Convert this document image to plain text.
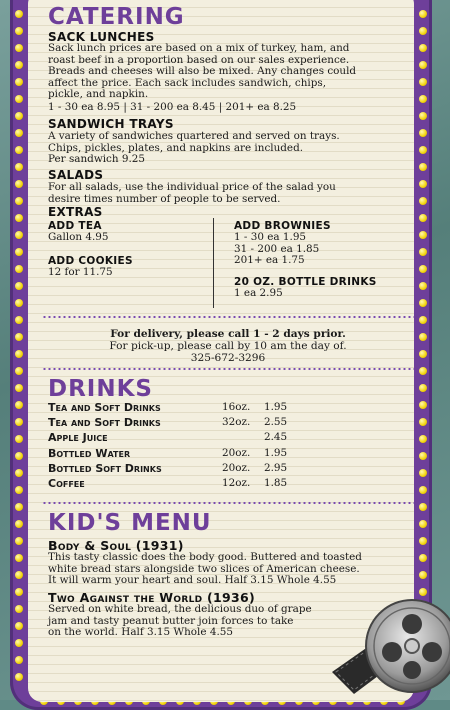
CATERING
SACK LUNCHES
Sack lunch prices are based on a mix of turkey, ham, and
roast beef in a proportion based on our sales experience.
Breads and cheeses will also be mixed. Any changes could
affect the price. Each sack includes sandwich, chips,
pickle, and napkin.
1 - 30 ea 8.95 | 31 - 200 ea 8.45 | 201+ ea 8.25
SANDWICH TRAYS
A variety of sandwiches quartered and served on trays.
Chips, pickles, plates, and napkins are included.
Per sandwich 9.25
SALADS
For all salads, use the individual price of the salad you
desire times number of people to be served.
EXTRAS
ADD TEA
Gallon 4.95
ADD COOKIES
12 for 11.75
ADD BROWNIES
1 - 30 ea 1.95
31 - 200 ea 1.85
201+ ea 1.75
20 OZ. BOTTLE DRINKS
1 ea 2.95
For delivery, please call 1 - 2 days prior.
For pick-up, please call by 10 am the day of.
325-672-3296
DRINKS
Tea and Soft Drinks	16oz. 1.95
Tea and Soft Drinks	32oz. 2.55
Apple Juice	2.45
Bottled Water	20oz. 1.95
Bottled Soft Drinks	20oz. 2.95
Coffee	12oz. 1.85
KID'S MENU
Body & Soul (1931)
This tasty classic does the body good. Buttered and toasted
white bread stars alongside two slices of American cheese.
It will warm your heart and soul. Half 3.15 Whole 4.55
Two Against the World (1936)
Served on white bread, the delicious duo of grape
jam and tasty peanut butter join forces to take
on the world. Half 3.15 Whole 4.55
